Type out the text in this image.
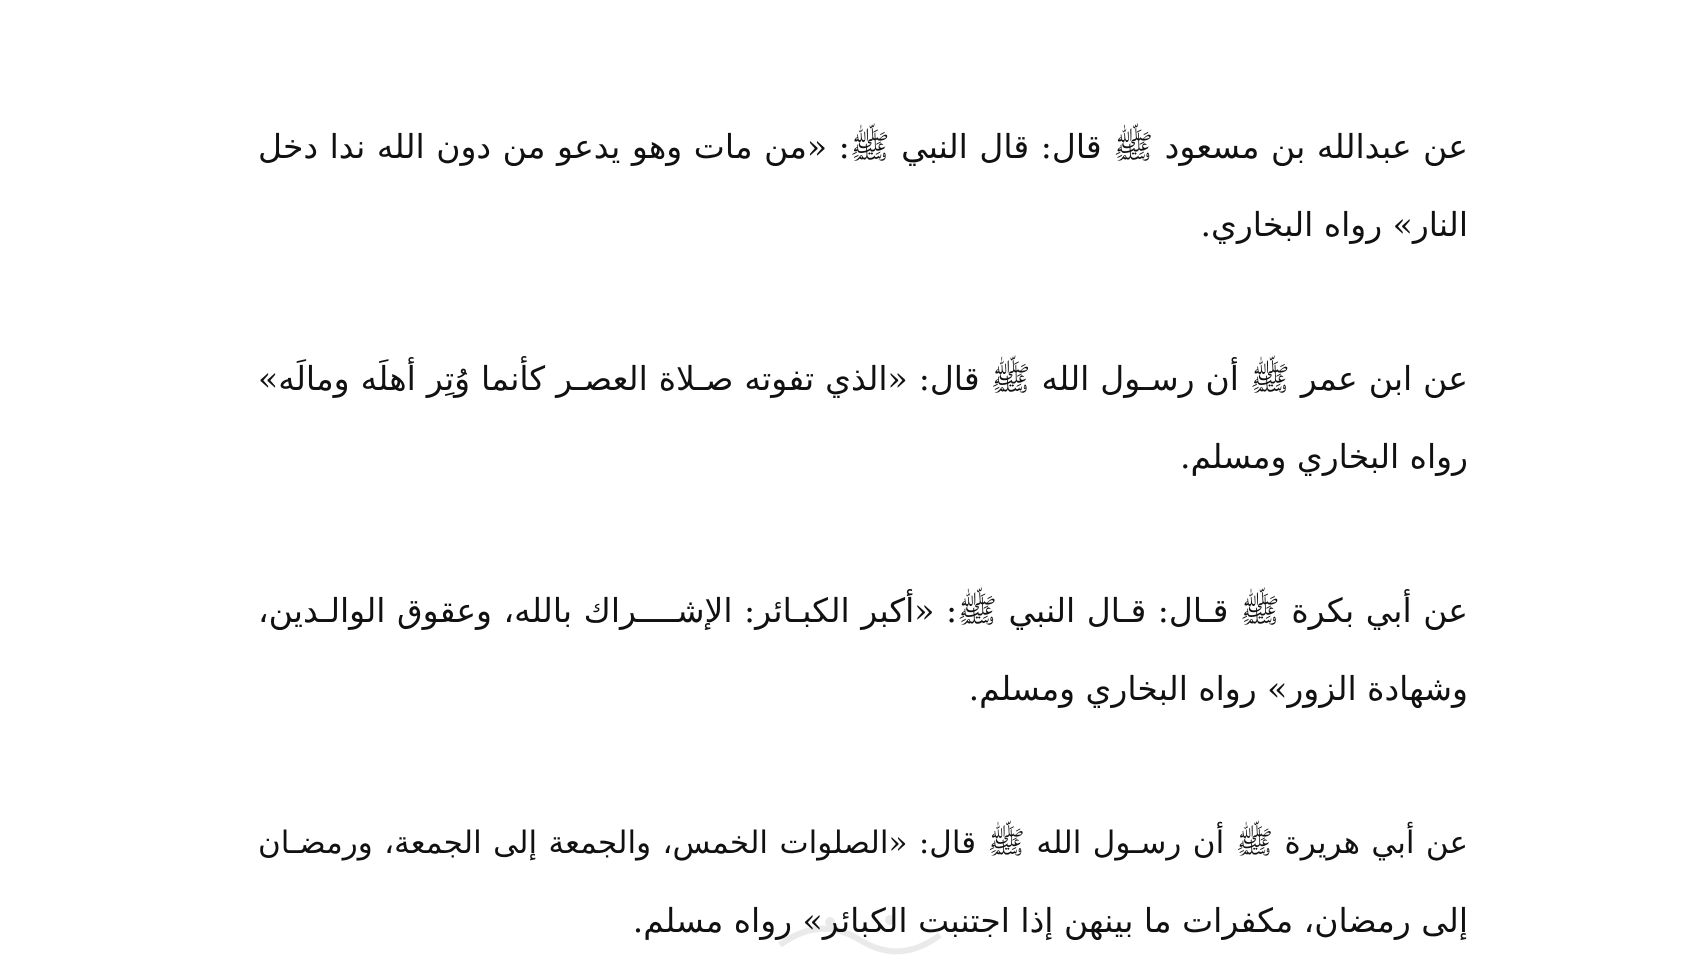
عن عبدالله بن مسعود ﷺ قال: قال النبي ﷺ: «من مات وهو يدعو من دون الله ندا دخل
النار» رواه البخاري.

عن ابن عمر ﷺ أن رسـول الله ﷺ قال: «الذي تفوته صـلاة العصـر كأنما وُتِر أهلَه ومالَه»
رواه البخاري ومسلم.

عن أبي بكرة ﷺ قـال: قـال النبي ﷺ: «أكبر الكبـائر: الإشــــراك بالله، وعقوق الوالـدين،
وشهادة الزور» رواه البخاري ومسلم.

عن أبي هريرة ﷺ أن رسـول الله ﷺ قال: «الصلوات الخمس، والجمعة إلى الجمعة، ورمضـان
إلى رمضان، مكفرات ما بينهن إذا اجتنبت الكبائر» رواه مسلم.
